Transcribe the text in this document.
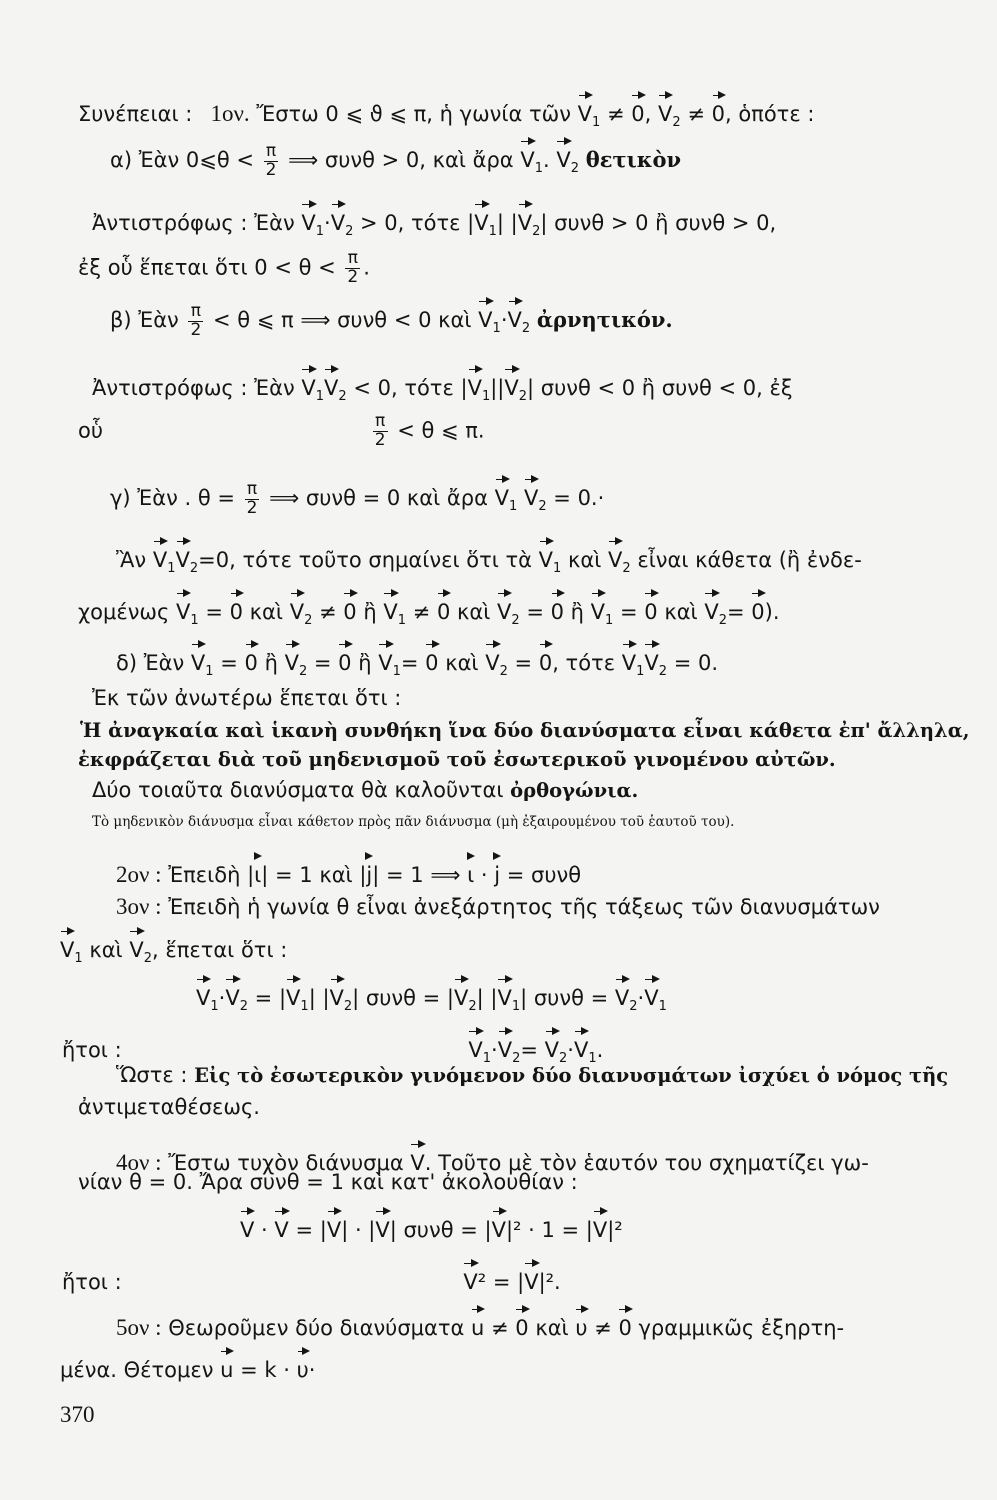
Συνέπειαι :   1ον. Ἔστω 0 ⩽ ϑ ⩽ π, ἡ γωνία τῶν $V_1 \ne 0$, $V_2 \ne 0$, ὁπότε :
α) Ἐὰν 0⩽θ < $\frac{\pi}{2}$ ⟹ συνθ > 0, καὶ ἄρα $V_1$. $V_2$ θετικὸν
Ἀντιστρόφως : Ἐὰν $V_1\cdot V_2 > 0$, τότε $|V_1|$ $|V_2|$ συνθ > 0 ἢ συνθ > 0,
ἐξ οὗ ἕπεται ὅτι $0 < \theta < \frac{\pi}{2}$ .
β) Ἐὰν $\frac{\pi}{2} < \theta$ ⩽ π ⟹ συνθ < 0 καὶ $V_1\cdot V_2$ ἀρνητικόν.
Ἀντιστρόφως : Ἐὰν $V_1V_2 < 0$, τότε $|V_1||V_2|$ συνθ < 0 ἢ συνθ < 0, ἐξ
οὗ	$\frac{\pi}{2} < \theta$ ⩽ π.
γ) Ἐὰν . $\theta = \frac{\pi}{2}$ ⟹ συνθ = 0 καὶ ἄρα $V_1$ $V_2 = 0.\cdot$
Ἂν $V_1V_2=0$, τότε τοῦτο σημαίνει ὅτι τὰ $V_1$ καὶ $V_2$ εἶναι κάθετα (ἢ ἐνδε-
χομένως $V_1 = 0$ καὶ $V_2 \ne 0$ ἢ $V_1 \ne 0$ καὶ $V_2 = 0$ ἢ $V_1 = 0$ καὶ $V_2= 0$).
δ) Ἐὰν $V_1 = 0$ ἢ $V_2 = 0$ ἢ $V_1= 0$ καὶ $V_2 = 0$, τότε $V_1V_2 = 0$.
Ἐκ τῶν ἀνωτέρω ἕπεται ὅτι :
Ἡ ἀναγκαία καὶ ἱκανὴ συνθήκη ἵνα δύο διανύσματα εἶναι κάθετα ἐπ' ἄλληλα,
ἐκφράζεται διὰ τοῦ μηδενισμοῦ τοῦ ἐσωτερικοῦ γινομένου αὐτῶν.
Δύο τοιαῦτα διανύσματα θὰ καλοῦνται ὀρθογώνια.
Τὸ μηδενικὸν διάνυσμα εἶναι κάθετον πρὸς πᾶν διάνυσμα (μὴ ἐξαιρουμένου τοῦ ἑαυτοῦ του).
2ον : Ἐπειδὴ |ι| = 1 καὶ |j| = 1 ⟹ ι · j = συνθ
3ον : Ἐπειδὴ ἡ γωνία θ εἶναι ἀνεξάρτητος τῆς τάξεως τῶν διανυσμάτων
$V_1$ καὶ $V_2$, ἕπεται ὅτι :
$V_1\cdot V_2 = |V_1|$ $|V_2|$ $\sigma\upsilon\nu\theta = |V_2|$ $|V_1|$ $\sigma\upsilon\nu\theta = V_2\cdot V_1$
ἤτοι :	$V_1\cdot V_2= V_2\cdot V_1$.
Ὥστε : Εἰς τὸ ἐσωτερικὸν γινόμενον δύο διανυσμάτων ἰσχύει ὁ νόμος τῆς
ἀντιμεταθέσεως.
4ον : Ἔστω τυχὸν διάνυσμα V. Τοῦτο μὲ τὸν ἑαυτόν του σχηματίζει γω-
νίαν θ = 0. Ἄρα συνθ = 1 καὶ κατ' ἀκολουθίαν :
V · V = |V| · |V| συνθ = |V|² · 1 = |V|²
ἤτοι :	V² = |V|².
5ον : Θεωροῦμεν δύο διανύσματα u ≠ 0 καὶ υ ≠ 0 γραμμικῶς ἐξηρτη-
μένα. Θέτομεν u = k · υ·
370
